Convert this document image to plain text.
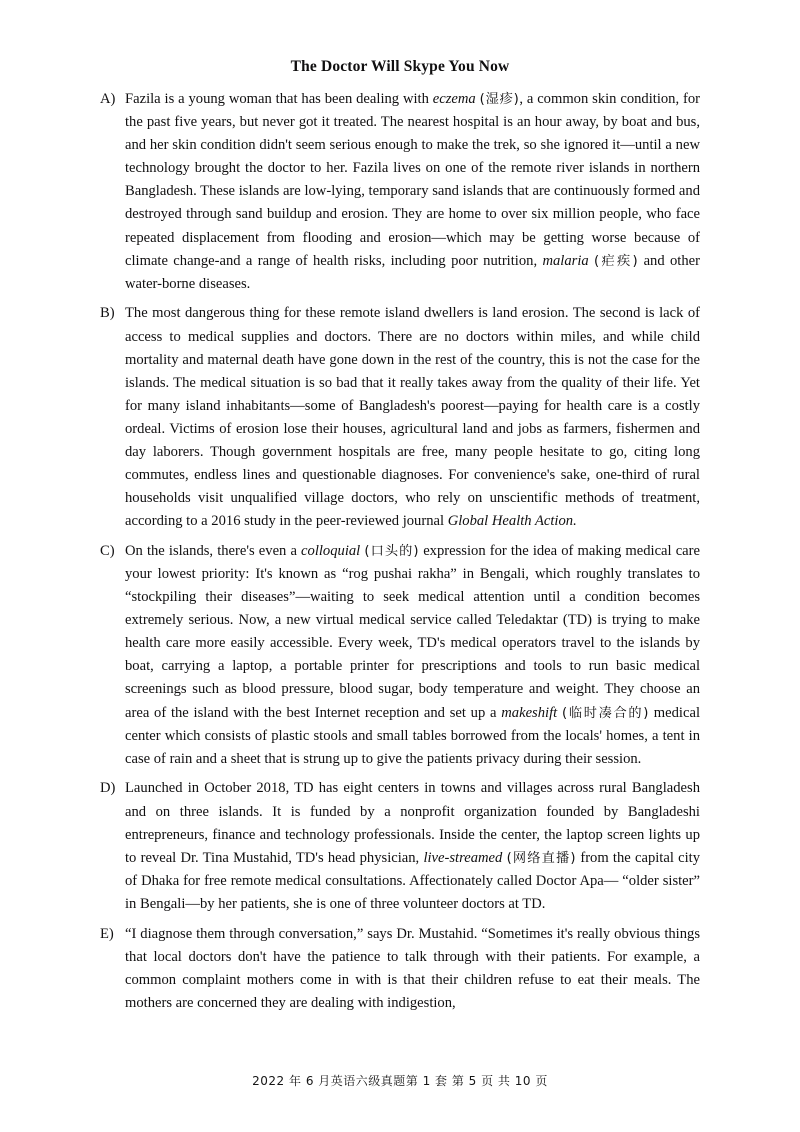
The Doctor Will Skype You Now
A) Fazila is a young woman that has been dealing with eczema (湿疹), a common skin condition, for the past five years, but never got it treated. The nearest hospital is an hour away, by boat and bus, and her skin condition didn't seem serious enough to make the trek, so she ignored it—until a new technology brought the doctor to her. Fazila lives on one of the remote river islands in northern Bangladesh. These islands are low-lying, temporary sand islands that are continuously formed and destroyed through sand buildup and erosion. They are home to over six million people, who face repeated displacement from flooding and erosion—which may be getting worse because of climate change-and a range of health risks, including poor nutrition, malaria (疟疾) and other water-borne diseases.
B) The most dangerous thing for these remote island dwellers is land erosion. The second is lack of access to medical supplies and doctors. There are no doctors within miles, and while child mortality and maternal death have gone down in the rest of the country, this is not the case for the islands. The medical situation is so bad that it really takes away from the quality of their life. Yet for many island inhabitants—some of Bangladesh's poorest—paying for health care is a costly ordeal. Victims of erosion lose their houses, agricultural land and jobs as farmers, fishermen and day laborers. Though government hospitals are free, many people hesitate to go, citing long commutes, endless lines and questionable diagnoses. For convenience's sake, one-third of rural households visit unqualified village doctors, who rely on unscientific methods of treatment, according to a 2016 study in the peer-reviewed journal Global Health Action.
C) On the islands, there's even a colloquial (口头的) expression for the idea of making medical care your lowest priority: It's known as “rog pushai rakha” in Bengali, which roughly translates to “stockpiling their diseases”—waiting to seek medical attention until a condition becomes extremely serious. Now, a new virtual medical service called Teledaktar (TD) is trying to make health care more easily accessible. Every week, TD's medical operators travel to the islands by boat, carrying a laptop, a portable printer for prescriptions and tools to run basic medical screenings such as blood pressure, blood sugar, body temperature and weight. They choose an area of the island with the best Internet reception and set up a makeshift (临时凑合的) medical center which consists of plastic stools and small tables borrowed from the locals' homes, a tent in case of rain and a sheet that is strung up to give the patients privacy during their session.
D) Launched in October 2018, TD has eight centers in towns and villages across rural Bangladesh and on three islands. It is funded by a nonprofit organization founded by Bangladeshi entrepreneurs, finance and technology professionals. Inside the center, the laptop screen lights up to reveal Dr. Tina Mustahid, TD's head physician, live-streamed (网络直播) from the capital city of Dhaka for free remote medical consultations. Affectionately called Doctor Apa— “older sister” in Bengali—by her patients, she is one of three volunteer doctors at TD.
E) “I diagnose them through conversation,” says Dr. Mustahid. “Sometimes it's really obvious things that local doctors don't have the patience to talk through with their patients. For example, a common complaint mothers come in with is that their children refuse to eat their meals. The mothers are concerned they are dealing with indigestion,
2022 年 6 月英语六级真题第 1 套 第 5 页 共 10 页
